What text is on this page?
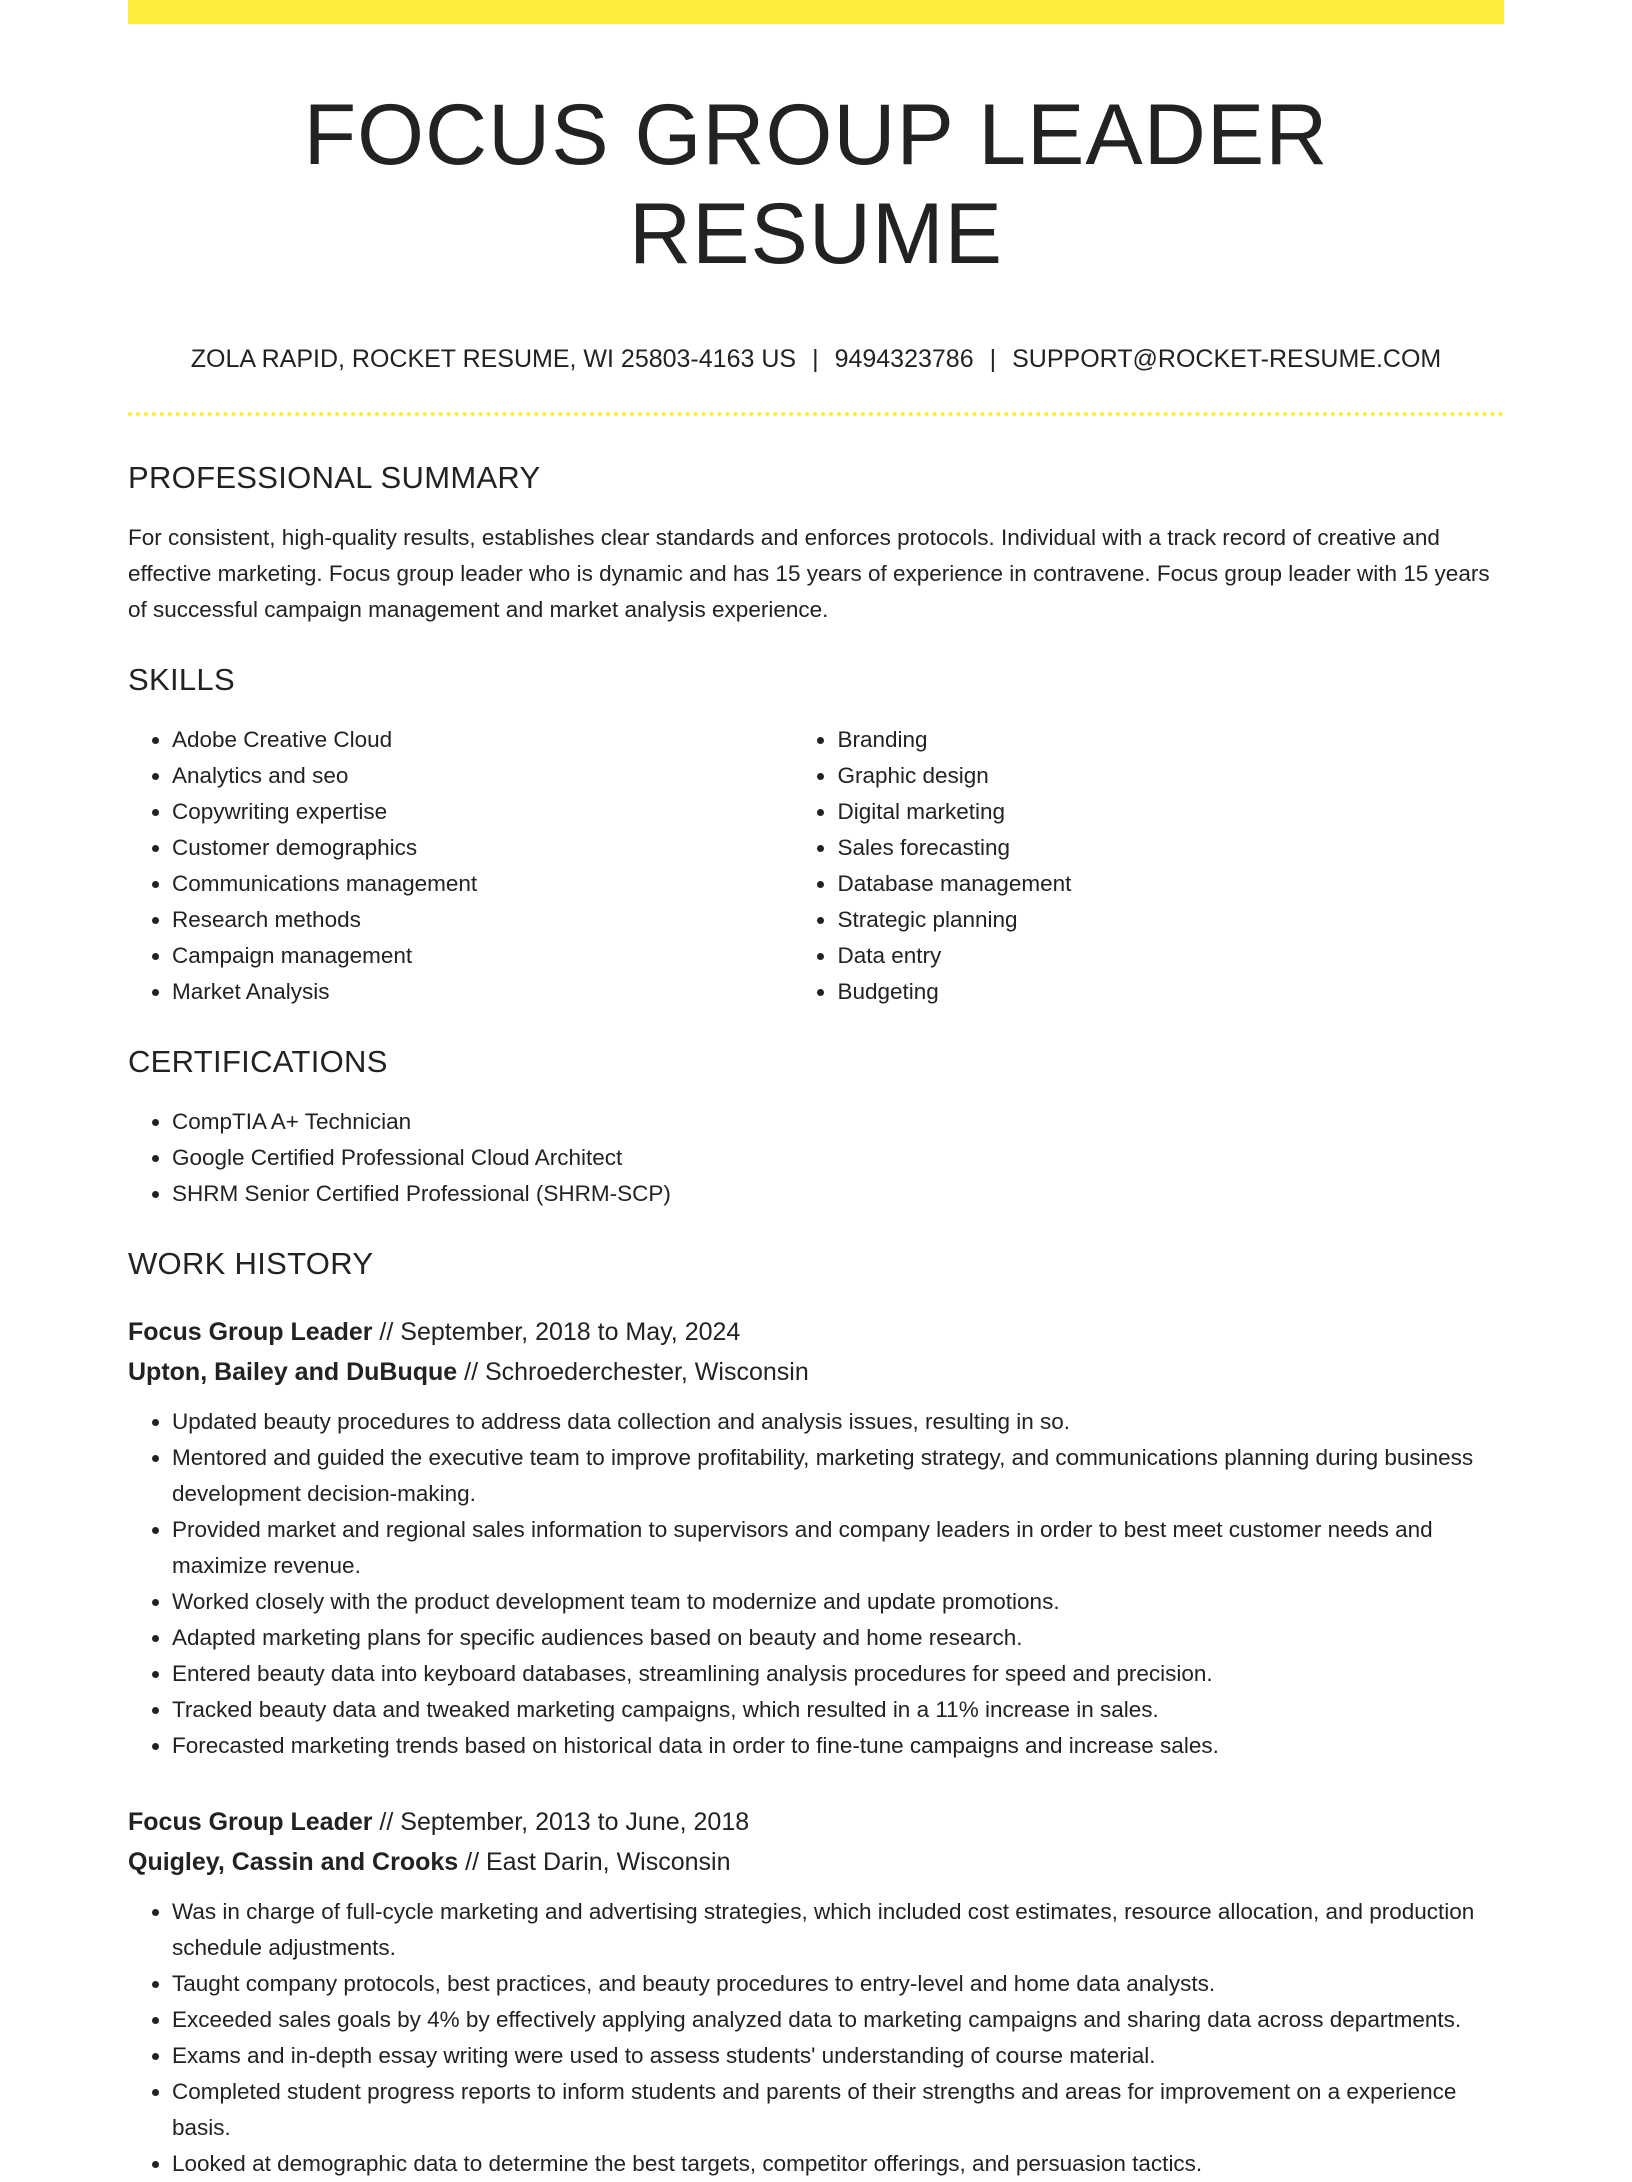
FOCUS GROUP LEADER RESUME
ZOLA RAPID, ROCKET RESUME, WI 25803-4163 US | 9494323786 | SUPPORT@ROCKET-RESUME.COM
PROFESSIONAL SUMMARY
For consistent, high-quality results, establishes clear standards and enforces protocols. Individual with a track record of creative and effective marketing. Focus group leader who is dynamic and has 15 years of experience in contravene. Focus group leader with 15 years of successful campaign management and market analysis experience.
SKILLS
• Adobe Creative Cloud
• Analytics and seo
• Copywriting expertise
• Customer demographics
• Communications management
• Research methods
• Campaign management
• Market Analysis
• Branding
• Graphic design
• Digital marketing
• Sales forecasting
• Database management
• Strategic planning
• Data entry
• Budgeting
CERTIFICATIONS
• CompTIA A+ Technician
• Google Certified Professional Cloud Architect
• SHRM Senior Certified Professional (SHRM-SCP)
WORK HISTORY
Focus Group Leader // September, 2018 to May, 2024
Upton, Bailey and DuBuque // Schroederchester, Wisconsin
• Updated beauty procedures to address data collection and analysis issues, resulting in so.
• Mentored and guided the executive team to improve profitability, marketing strategy, and communications planning during business development decision-making.
• Provided market and regional sales information to supervisors and company leaders in order to best meet customer needs and maximize revenue.
• Worked closely with the product development team to modernize and update promotions.
• Adapted marketing plans for specific audiences based on beauty and home research.
• Entered beauty data into keyboard databases, streamlining analysis procedures for speed and precision.
• Tracked beauty data and tweaked marketing campaigns, which resulted in a 11% increase in sales.
• Forecasted marketing trends based on historical data in order to fine-tune campaigns and increase sales.
Focus Group Leader // September, 2013 to June, 2018
Quigley, Cassin and Crooks // East Darin, Wisconsin
• Was in charge of full-cycle marketing and advertising strategies, which included cost estimates, resource allocation, and production schedule adjustments.
• Taught company protocols, best practices, and beauty procedures to entry-level and home data analysts.
• Exceeded sales goals by 4% by effectively applying analyzed data to marketing campaigns and sharing data across departments.
• Exams and in-depth essay writing were used to assess students' understanding of course material.
• Completed student progress reports to inform students and parents of their strengths and areas for improvement on a experience basis.
• Looked at demographic data to determine the best targets, competitor offerings, and persuasion tactics.
